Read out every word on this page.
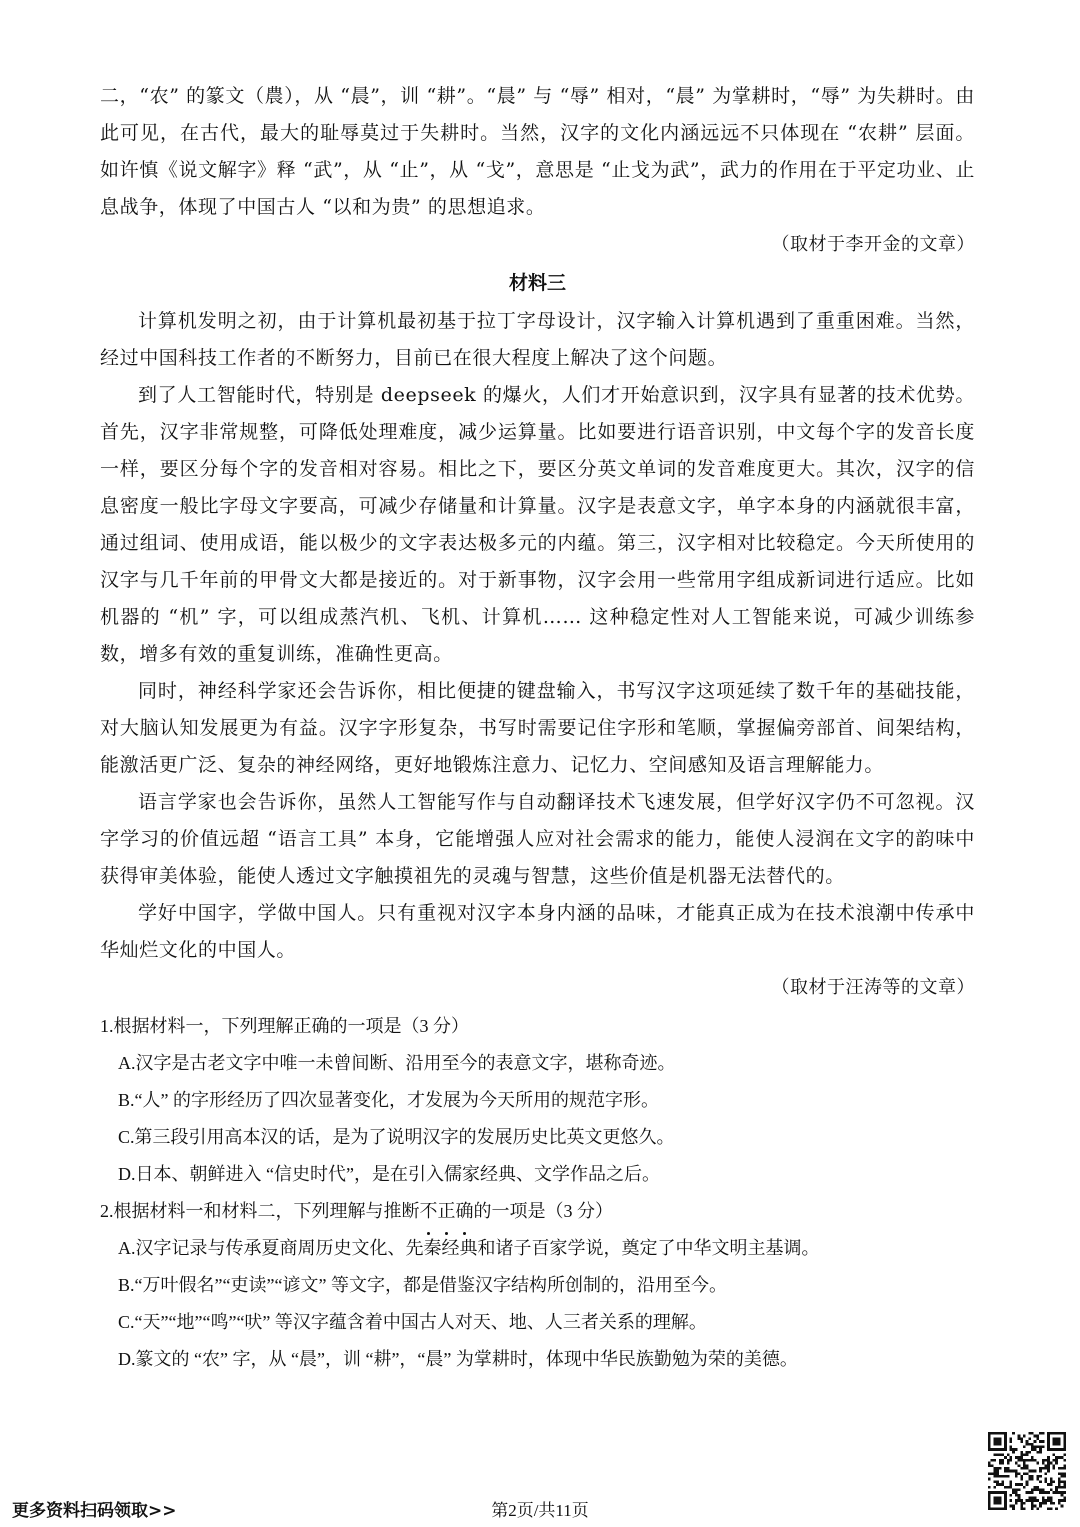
二，“农” 的篆文（農），从 “晨”，训 “耕”。“晨” 与 “辱” 相对，“晨” 为掌耕时，“辱” 为失耕时。由此可见，在古代，最大的耻辱莫过于失耕时。当然，汉字的文化内涵远远不只体现在 “农耕” 层面。如许慎《说文解字》释 “武”，从 “止”，从 “戈”，意思是 “止戈为武”，武力的作用在于平定功业、止息战争，体现了中国古人 “以和为贵” 的思想追求。

（取材于李开金的文章）

材料三

计算机发明之初，由于计算机最初基于拉丁字母设计，汉字输入计算机遇到了重重困难。当然，经过中国科技工作者的不断努力，目前已在很大程度上解决了这个问题。

到了人工智能时代，特别是 deepseek 的爆火，人们才开始意识到，汉字具有显著的技术优势。首先，汉字非常规整，可降低处理难度，减少运算量。比如要进行语音识别，中文每个字的发音长度一样，要区分每个字的发音相对容易。相比之下，要区分英文单词的发音难度更大。其次，汉字的信息密度一般比字母文字要高，可减少存储量和计算量。汉字是表意文字，单字本身的内涵就很丰富，通过组词、使用成语，能以极少的文字表达极多元的内蕴。第三，汉字相对比较稳定。今天所使用的汉字与几千年前的甲骨文大都是接近的。对于新事物，汉字会用一些常用字组成新词进行适应。比如机器的 “机” 字，可以组成蒸汽机、飞机、计算机…… 这种稳定性对人工智能来说，可减少训练参数，增多有效的重复训练，准确性更高。

同时，神经科学家还会告诉你，相比便捷的键盘输入，书写汉字这项延续了数千年的基础技能，对大脑认知发展更为有益。汉字字形复杂，书写时需要记住字形和笔顺，掌握偏旁部首、间架结构，能激活更广泛、复杂的神经网络，更好地锻炼注意力、记忆力、空间感知及语言理解能力。

语言学家也会告诉你，虽然人工智能写作与自动翻译技术飞速发展，但学好汉字仍不可忽视。汉字学习的价值远超 “语言工具” 本身，它能增强人应对社会需求的能力，能使人浸润在文字的韵味中获得审美体验，能使人透过文字触摸祖先的灵魂与智慧，这些价值是机器无法替代的。

学好中国字，学做中国人。只有重视对汉字本身内涵的品味，才能真正成为在技术浪潮中传承中华灿烂文化的中国人。

（取材于汪涛等的文章）

1.根据材料一，下列理解正确的一项是（3 分）

A.汉字是古老文字中唯一未曾间断、沿用至今的表意文字，堪称奇迹。

B.“人” 的字形经历了四次显著变化，才发展为今天所用的规范字形。

C.第三段引用高本汉的话，是为了说明汉字的发展历史比英文更悠久。

D.日本、朝鲜进入 “信史时代”，是在引入儒家经典、文学作品之后。

2.根据材料一和材料二，下列理解与推断不正确的一项是（3 分）

A.汉字记录与传承夏商周历史文化、先秦经典和诸子百家学说，奠定了中华文明主基调。

B.“万叶假名”“吏读”“谚文” 等文字，都是借鉴汉字结构所创制的，沿用至今。

C.“天”“地”“鸣”“吠” 等汉字蕴含着中国古人对天、地、人三者关系的理解。

D.篆文的 “农” 字，从 “晨”，训 “耕”，“晨” 为掌耕时，体现中华民族勤勉为荣的美德。

更多资料扫码领取>>	第2页/共11页
